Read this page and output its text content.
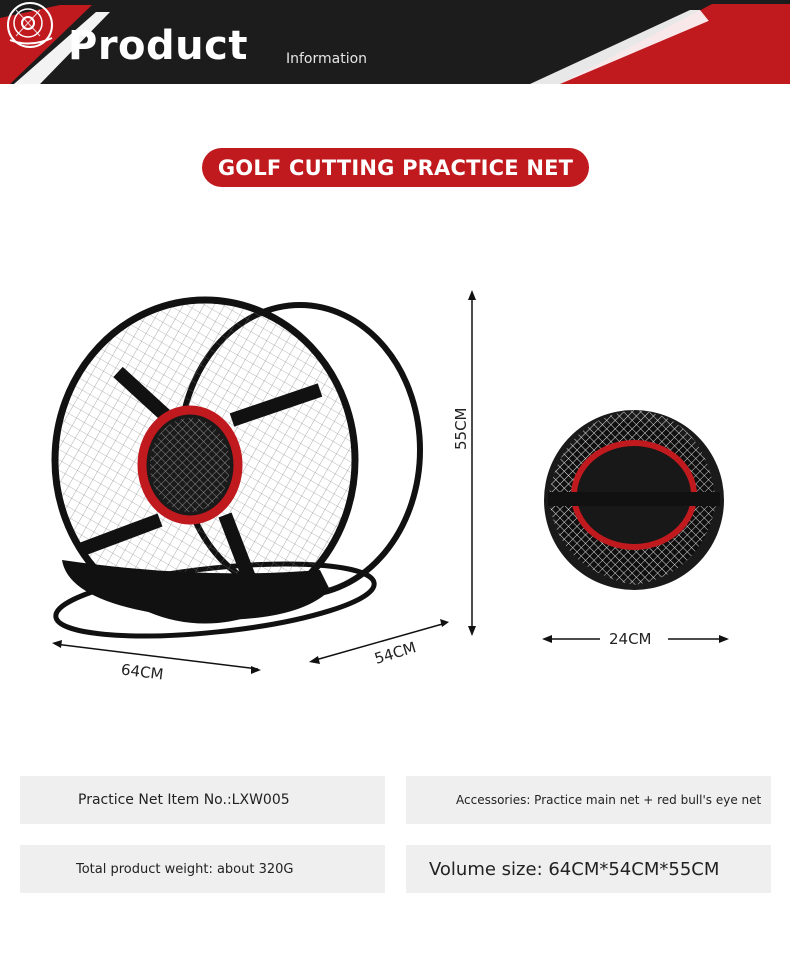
Product	Information
GOLF CUTTING PRACTICE NET
64CM
54CM
55CM
24CM
Practice Net Item No.:LXW005	Accessories: Practice main net + red bull's eye net
Total product weight: about 320G	Volume size: 64CM*54CM*55CM
